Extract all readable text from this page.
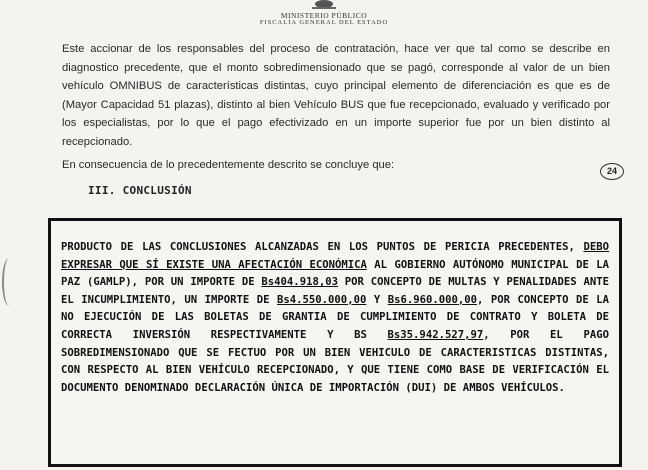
MINISTERIO PÚBLICO
FISCALÍA GENERAL DEL ESTADO

Este accionar de los responsables del proceso de contratación, hace ver que tal como se describe en diagnostico precedente, que el monto sobredimensionado que se pagó, corresponde al valor de un bien vehículo OMNIBUS de características distintas, cuyo principal elemento de diferenciación es que es de (Mayor Capacidad 51 plazas), distinto al bien Vehículo BUS que fue recepcionado, evaluado y verificado por los especialistas, por lo que el pago efectivizado en un importe superior fue por un bien distinto al recepcionado.

En consecuencia de lo precedentemente descrito se concluye que:	24

III. CONCLUSIÓN

PRODUCTO DE LAS CONCLUSIONES ALCANZADAS EN LOS PUNTOS DE PERICIA PRECEDENTES, DEBO EXPRESAR QUE SÍ EXISTE UNA AFECTACIÓN ECONÓMICA AL GOBIERNO AUTÓNOMO MUNICIPAL DE LA PAZ (GAMLP), POR UN IMPORTE DE Bs404.918,03 POR CONCEPTO DE MULTAS Y PENALIDADES ANTE EL INCUMPLIMIENTO, UN IMPORTE DE Bs4.550.000,00 Y Bs6.960.000,00, POR CONCEPTO DE LA NO EJECUCIÓN DE LAS BOLETAS DE GRANTIA DE CUMPLIMIENTO DE CONTRATO Y BOLETA DE CORRECTA INVERSIÓN RESPECTIVAMENTE Y BS Bs35.942.527,97, POR EL PAGO SOBREDIMENSIONADO QUE SE FECTUO POR UN BIEN VEHICULO DE CARACTERISTICAS DISTINTAS, CON RESPECTO AL BIEN VEHÍCULO RECEPCIONADO, Y QUE TIENE COMO BASE DE VERIFICACIÓN EL DOCUMENTO DENOMINADO DECLARACIÓN ÚNICA DE IMPORTACIÓN (DUI) DE AMBOS VEHÍCULOS.
